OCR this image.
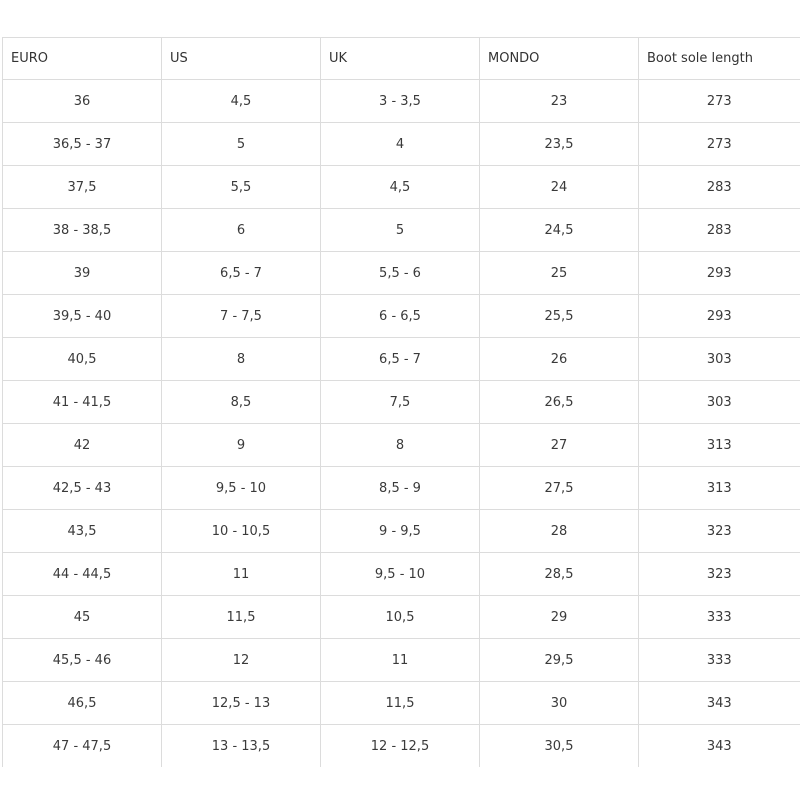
EURO	US	UK	MONDO	Boot sole length
36	4,5	3 - 3,5	23	273
36,5 - 37	5	4	23,5	273
37,5	5,5	4,5	24	283
38 - 38,5	6	5	24,5	283
39	6,5 - 7	5,5 - 6	25	293
39,5 - 40	7 - 7,5	6 - 6,5	25,5	293
40,5	8	6,5 - 7	26	303
41 - 41,5	8,5	7,5	26,5	303
42	9	8	27	313
42,5 - 43	9,5 - 10	8,5 - 9	27,5	313
43,5	10 - 10,5	9 - 9,5	28	323
44 - 44,5	11	9,5 - 10	28,5	323
45	11,5	10,5	29	333
45,5 - 46	12	11	29,5	333
46,5	12,5 - 13	11,5	30	343
47 - 47,5	13 - 13,5	12 - 12,5	30,5	343
